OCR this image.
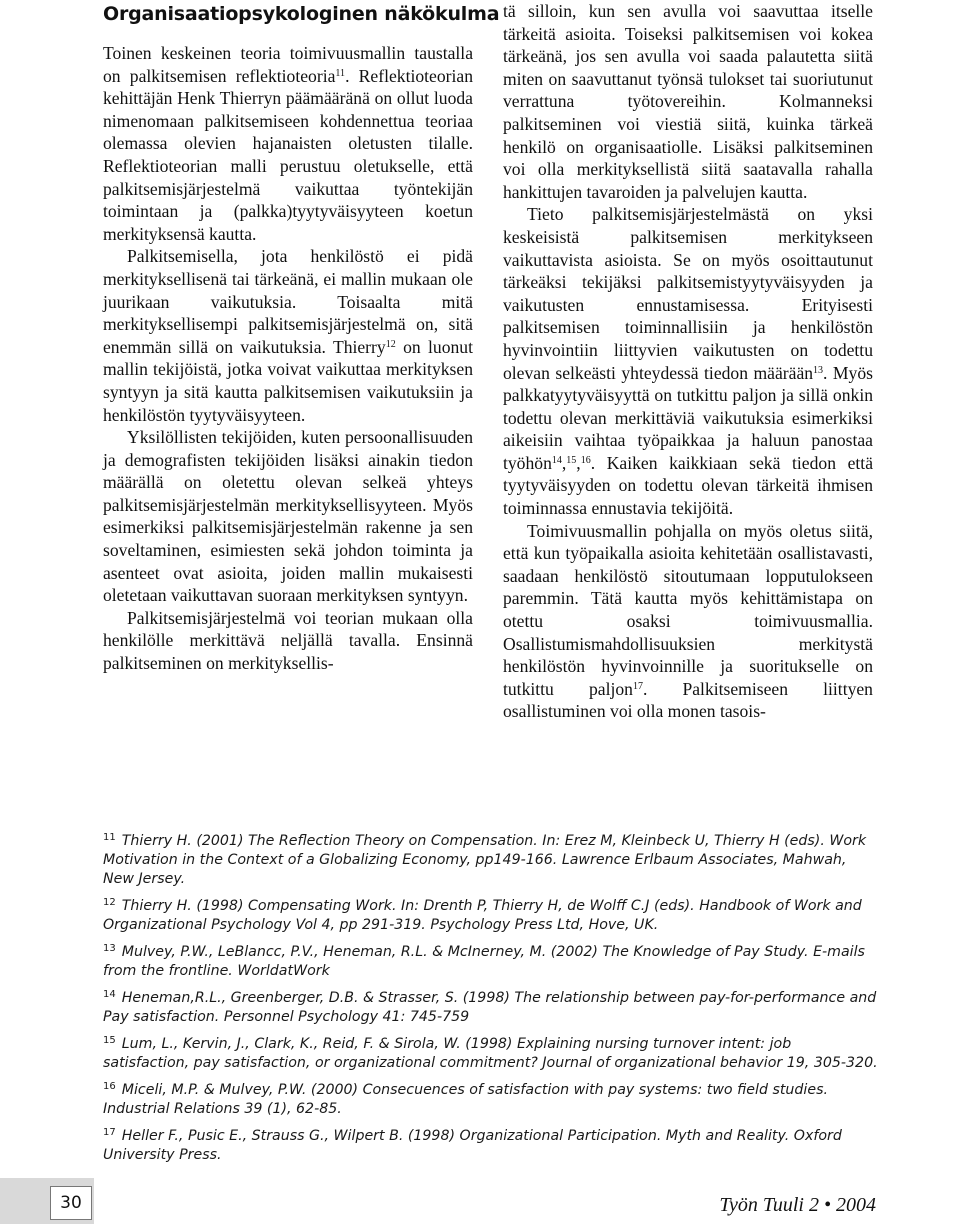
Organisaatiopsykologinen näkökulma

Toinen keskeinen teoria toimivuusmallin taustalla on palkitsemisen reflektioteoria$^{11}$. Reflektioteorian kehittäjän Henk Thierryn päämääränä on ollut luoda nimenomaan palkitsemiseen kohdennettua teoriaa olemassa olevien hajanaisten oletusten tilalle. Reflektioteorian malli perustuu oletukselle, että palkitsemisjärjestelmä vaikuttaa työntekijän toimintaan ja (palkka)tyytyväisyyteen koetun merkityksensä kautta.

Palkitsemisella, jota henkilöstö ei pidä merkityksellisenä tai tärkeänä, ei mallin mukaan ole juurikaan vaikutuksia. Toisaalta mitä merkityksellisempi palkitsemisjärjestelmä on, sitä enemmän sillä on vaikutuksia. Thierry$^{12}$ on luonut mallin tekijöistä, jotka voivat vaikuttaa merkityksen syntyyn ja sitä kautta palkitsemisen vaikutuksiin ja henkilöstön tyytyväisyyteen.

Yksilöllisten tekijöiden, kuten persoonallisuuden ja demografisten tekijöiden lisäksi ainakin tiedon määrällä on oletettu olevan selkeä yhteys palkitsemisjärjestelmän merkityksellisyyteen. Myös esimerkiksi palkitsemisjärjestelmän rakenne ja sen soveltaminen, esimiesten sekä johdon toiminta ja asenteet ovat asioita, joiden mallin mukaisesti oletetaan vaikuttavan suoraan merkityksen syntyyn.

Palkitsemisjärjestelmä voi teorian mukaan olla henkilölle merkittävä neljällä tavalla. Ensinnä palkitseminen on merkityksellis-

tä silloin, kun sen avulla voi saavuttaa itselle tärkeitä asioita. Toiseksi palkitsemisen voi kokea tärkeänä, jos sen avulla voi saada palautetta siitä miten on saavuttanut työnsä tulokset tai suoriutunut verrattuna työtovereihin. Kolmanneksi palkitseminen voi viestiä siitä, kuinka tärkeä henkilö on organisaatiolle. Lisäksi palkitseminen voi olla merkityksellistä siitä saatavalla rahalla hankittujen tavaroiden ja palvelujen kautta.

Tieto palkitsemisjärjestelmästä on yksi keskeisistä palkitsemisen merkitykseen vaikuttavista asioista. Se on myös osoittautunut tärkeäksi tekijäksi palkitsemistyytyväisyyden ja vaikutusten ennustamisessa. Erityisesti palkitsemisen toiminnallisiin ja henkilöstön hyvinvointiin liittyvien vaikutusten on todettu olevan selkeästi yhteydessä tiedon määrään$^{13}$. Myös palkkatyytyväisyyttä on tutkittu paljon ja sillä onkin todettu olevan merkittäviä vaikutuksia esimerkiksi aikeisiin vaihtaa työpaikkaa ja haluun panostaa työhön$^{14}$,$^{15}$,$^{16}$. Kaiken kaikkiaan sekä tiedon että tyytyväisyyden on todettu olevan tärkeitä ihmisen toiminnassa ennustavia tekijöitä.

Toimivuusmallin pohjalla on myös oletus siitä, että kun työpaikalla asioita kehitetään osallistavasti, saadaan henkilöstö sitoutumaan lopputulokseen paremmin. Tätä kautta myös kehittämistapa on otettu osaksi toimivuusmallia. Osallistumismahdollisuuksien merkitystä henkilöstön hyvinvoinnille ja suoritukselle on tutkittu paljon$^{17}$. Palkitsemiseen liittyen osallistuminen voi olla monen tasois-

$^{11}$ Thierry H. (2001) The Reflection Theory on Compensation. In: Erez M, Kleinbeck U, Thierry H (eds). Work Motivation in the Context of a Globalizing Economy, pp149-166. Lawrence Erlbaum Associates, Mahwah, New Jersey.
$^{12}$ Thierry H. (1998) Compensating Work. In: Drenth P, Thierry H, de Wolff C.J (eds). Handbook of Work and Organizational Psychology Vol 4, pp 291-319. Psychology Press Ltd, Hove, UK.
$^{13}$ Mulvey, P.W., LeBlancc, P.V., Heneman, R.L. & McInerney, M. (2002) The Knowledge of Pay Study. E-mails from the frontline. WorldatWork
$^{14}$ Heneman,R.L., Greenberger, D.B. & Strasser, S. (1998) The relationship between pay-for-performance and Pay satisfaction. Personnel Psychology 41: 745-759
$^{15}$ Lum, L., Kervin, J., Clark, K., Reid, F. & Sirola, W. (1998) Explaining nursing turnover intent: job satisfaction, pay satisfaction, or organizational commitment? Journal of organizational behavior 19, 305-320.
$^{16}$ Miceli, M.P. & Mulvey, P.W. (2000) Consecuences of satisfaction with pay systems: two field studies. Industrial Relations 39 (1), 62-85.
$^{17}$ Heller F., Pusic E., Strauss G., Wilpert B. (1998) Organizational Participation. Myth and Reality. Oxford University Press.
30	Työn Tuuli 2 • 2004
